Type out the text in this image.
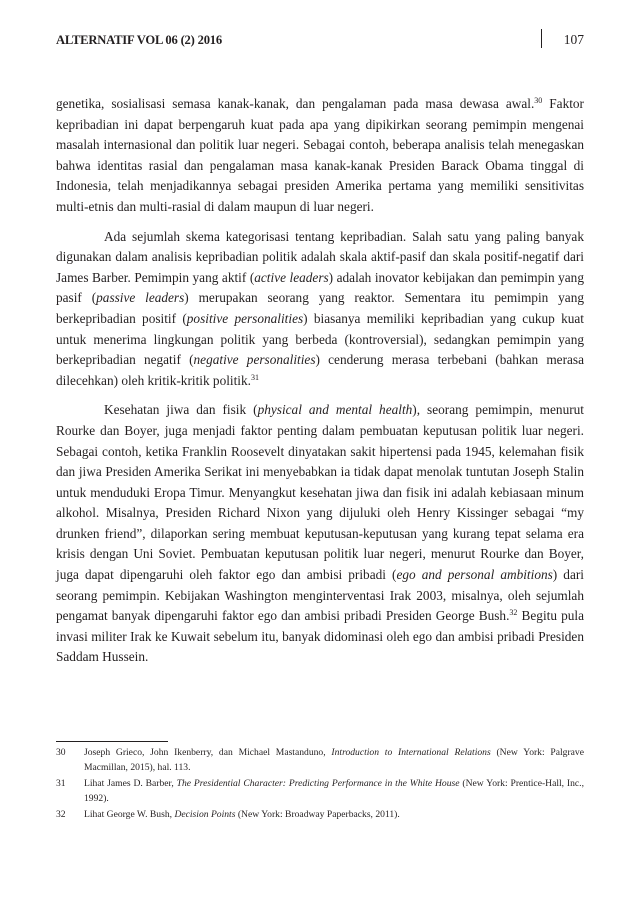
ALTERNATIF VOL 06 (2) 2016	107

genetika, sosialisasi semasa kanak-kanak, dan pengalaman pada masa dewasa awal.$^{30}$ Faktor kepribadian ini dapat berpengaruh kuat pada apa yang dipikirkan seorang pemimpin mengenai masalah internasional dan politik luar negeri. Sebagai contoh, beberapa analisis telah menegaskan bahwa identitas rasial dan pengalaman masa kanak-kanak Presiden Barack Obama tinggal di Indonesia, telah menjadikannya sebagai presiden Amerika pertama yang memiliki sensitivitas multi-etnis dan multi-rasial di dalam maupun di luar negeri.

Ada sejumlah skema kategorisasi tentang kepribadian. Salah satu yang paling banyak digunakan dalam analisis kepribadian politik adalah skala aktif-pasif dan skala positif-negatif dari James Barber. Pemimpin yang aktif (active leaders) adalah inovator kebijakan dan pemimpin yang pasif (passive leaders) merupakan seorang yang reaktor. Sementara itu pemimpin yang berkepribadian positif (positive personalities) biasanya memiliki kepribadian yang cukup kuat untuk menerima lingkungan politik yang berbeda (kontroversial), sedangkan pemimpin yang berkepribadian negatif (negative personalities) cenderung merasa terbebani (bahkan merasa dilecehkan) oleh kritik-kritik politik.$^{31}$

Kesehatan jiwa dan fisik (physical and mental health), seorang pemimpin, menurut Rourke dan Boyer, juga menjadi faktor penting dalam pembuatan keputusan politik luar negeri. Sebagai contoh, ketika Franklin Roosevelt dinyatakan sakit hipertensi pada 1945, kelemahan fisik dan jiwa Presiden Amerika Serikat ini menyebabkan ia tidak dapat menolak tuntutan Joseph Stalin untuk menduduki Eropa Timur. Menyangkut kesehatan jiwa dan fisik ini adalah kebiasaan minum alkohol. Misalnya, Presiden Richard Nixon yang dijuluki oleh Henry Kissinger sebagai “my drunken friend”, dilaporkan sering membuat keputusan-keputusan yang kurang tepat selama era krisis dengan Uni Soviet. Pembuatan keputusan politik luar negeri, menurut Rourke dan Boyer, juga dapat dipengaruhi oleh faktor ego dan ambisi pribadi (ego and personal ambitions) dari seorang pemimpin. Kebijakan Washington menginterventasi Irak 2003, misalnya, oleh sejumlah pengamat banyak dipengaruhi faktor ego dan ambisi pribadi Presiden George Bush.$^{32}$ Begitu pula invasi militer Irak ke Kuwait sebelum itu, banyak didominasi oleh ego dan ambisi pribadi Presiden Saddam Hussein.

30 Joseph Grieco, John Ikenberry, dan Michael Mastanduno, Introduction to International Relations (New York: Palgrave Macmillan, 2015), hal. 113.
31 Lihat James D. Barber, The Presidential Character: Predicting Performance in the White House (New York: Prentice-Hall, Inc., 1992).
32 Lihat George W. Bush, Decision Points (New York: Broadway Paperbacks, 2011).
